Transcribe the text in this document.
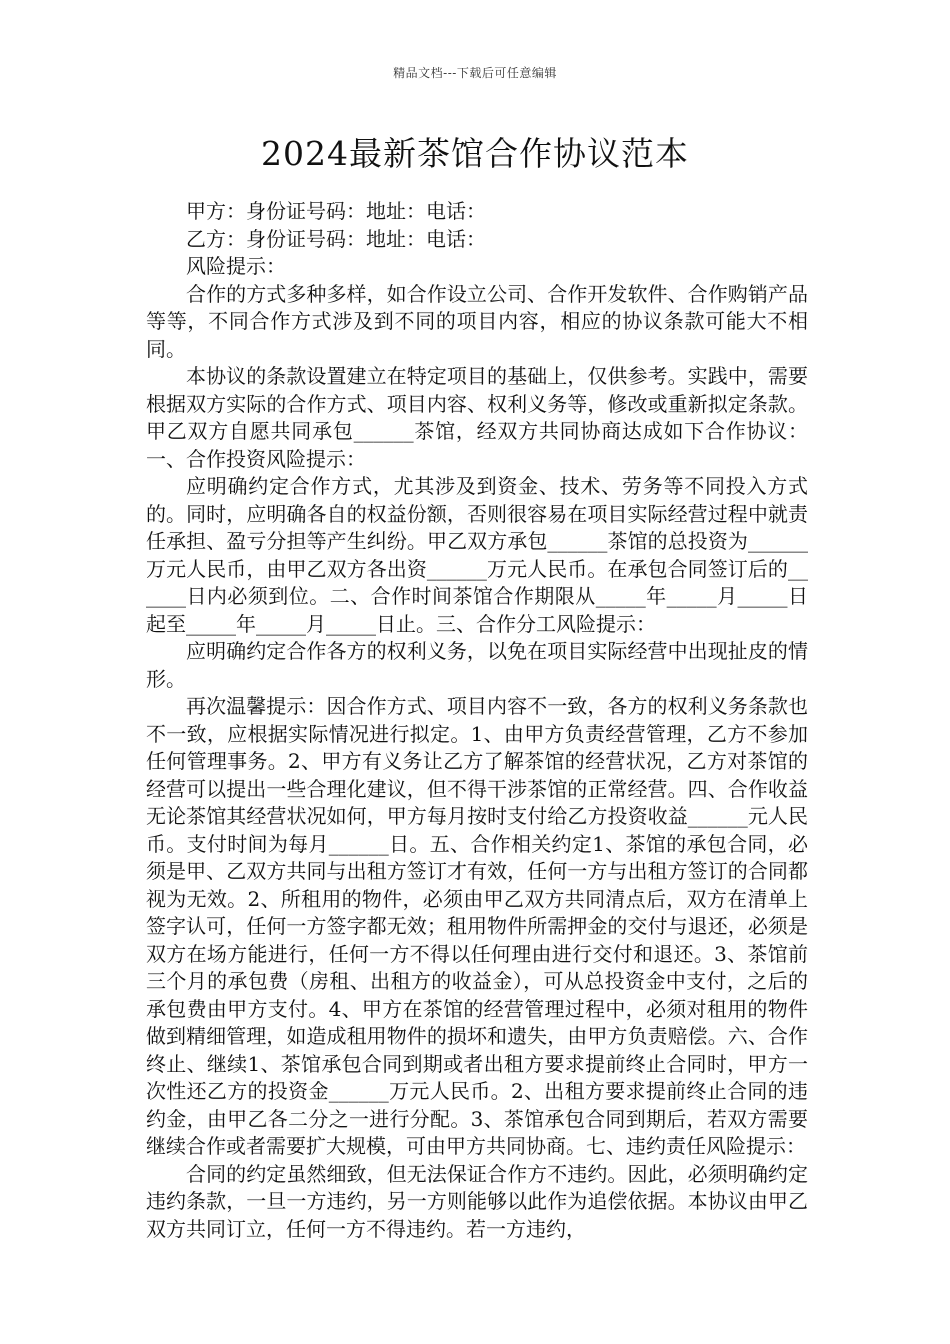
精品文档---下载后可任意编辑
2024最新茶馆合作协议范本

甲方：身份证号码：地址：电话：

乙方：身份证号码：地址：电话：

风险提示：

合作的方式多种多样，如合作设立公司、合作开发软件、合作购销产品等等，不同合作方式涉及到不同的项目内容，相应的协议条款可能大不相同。

本协议的条款设置建立在特定项目的基础上，仅供参考。实践中，需要根据双方实际的合作方式、项目内容、权利义务等，修改或重新拟定条款。甲乙双方自愿共同承包______茶馆，经双方共同协商达成如下合作协议：一、合作投资风险提示：

应明确约定合作方式，尤其涉及到资金、技术、劳务等不同投入方式的。同时，应明确各自的权益份额，否则很容易在项目实际经营过程中就责任承担、盈亏分担等产生纠纷。甲乙双方承包______茶馆的总投资为______万元人民币，由甲乙双方各出资______万元人民币。在承包合同签订后的______日内必须到位。二、合作时间茶馆合作期限从_____年_____月_____日起至_____年_____月_____日止。三、合作分工风险提示：

应明确约定合作各方的权利义务，以免在项目实际经营中出现扯皮的情形。

再次温馨提示：因合作方式、项目内容不一致，各方的权利义务条款也不一致，应根据实际情况进行拟定。1、由甲方负责经营管理，乙方不参加任何管理事务。2、甲方有义务让乙方了解茶馆的经营状况，乙方对茶馆的经营可以提出一些合理化建议，但不得干涉茶馆的正常经营。四、合作收益无论茶馆其经营状况如何，甲方每月按时支付给乙方投资收益______元人民币。支付时间为每月______日。五、合作相关约定1、茶馆的承包合同，必须是甲、乙双方共同与出租方签订才有效，任何一方与出租方签订的合同都视为无效。2、所租用的物件，必须由甲乙双方共同清点后，双方在清单上签字认可，任何一方签字都无效；租用物件所需押金的交付与退还，必须是双方在场方能进行，任何一方不得以任何理由进行交付和退还。3、茶馆前三个月的承包费（房租、出租方的收益金），可从总投资金中支付，之后的承包费由甲方支付。4、甲方在茶馆的经营管理过程中，必须对租用的物件做到精细管理，如造成租用物件的损坏和遗失，由甲方负责赔偿。六、合作终止、继续1、茶馆承包合同到期或者出租方要求提前终止合同时，甲方一次性还乙方的投资金______万元人民币。2、出租方要求提前终止合同的违约金，由甲乙各二分之一进行分配。3、茶馆承包合同到期后，若双方需要继续合作或者需要扩大规模，可由甲方共同协商。七、违约责任风险提示：

合同的约定虽然细致，但无法保证合作方不违约。因此，必须明确约定违约条款，一旦一方违约，另一方则能够以此作为追偿依据。本协议由甲乙双方共同订立，任何一方不得违约。若一方违约，
